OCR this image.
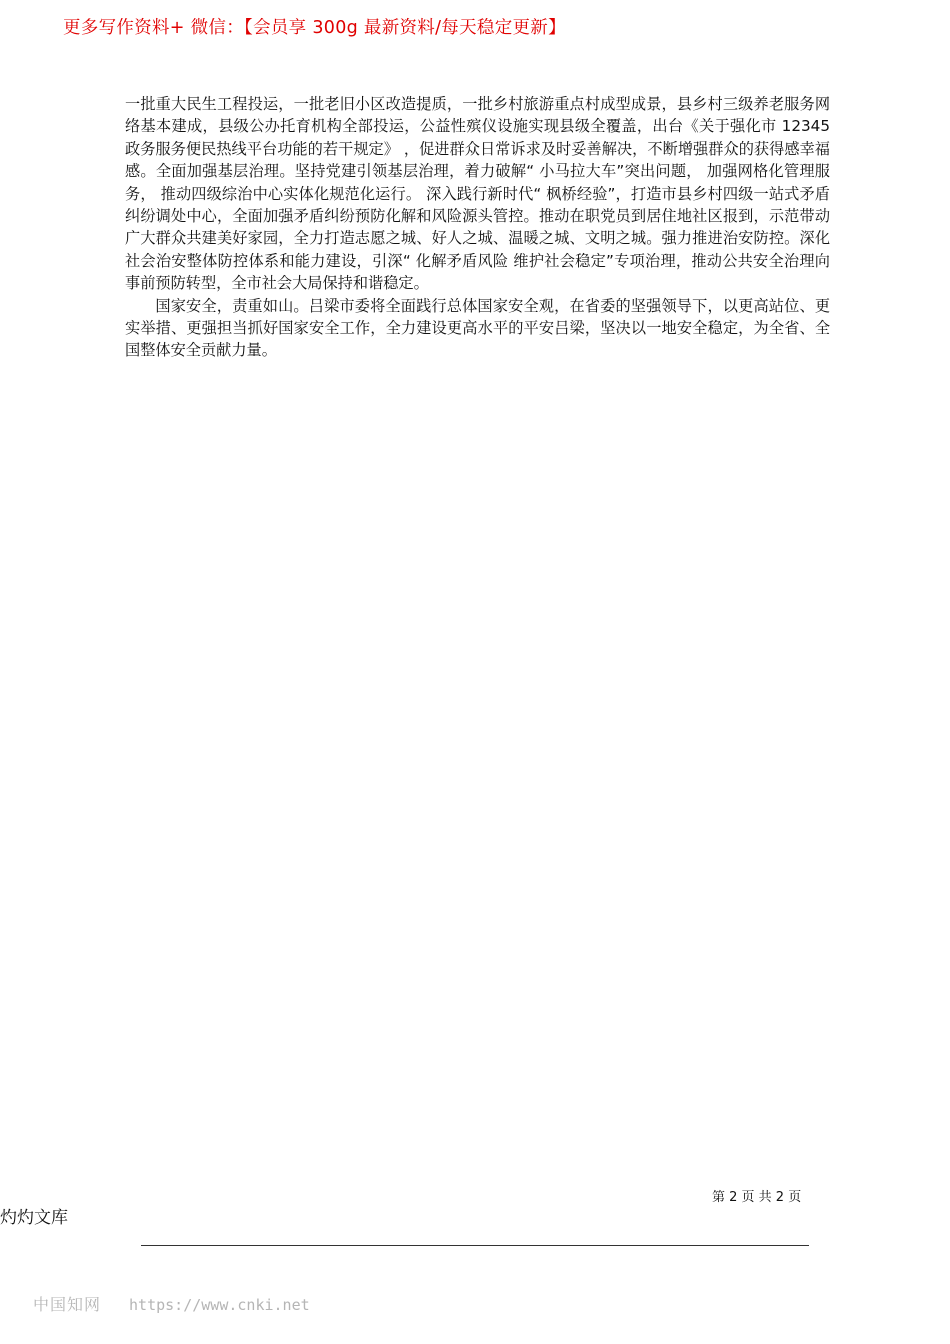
更多写作资料+ 微信：【会员享 300g 最新资料/每天稳定更新】

一批重大民生工程投运，一批老旧小区改造提质，一批乡村旅游重点村成型成景，县乡村三级养老服务网络基本建成，县级公办托育机构全部投运，公益性殡仪设施实现县级全覆盖，出台《关于强化市 12345 政务服务便民热线平台功能的若干规定》 ，促进群众日常诉求及时妥善解决，不断增强群众的获得感幸福感。全面加强基层治理。坚持党建引领基层治理，着力破解“ 小马拉大车”突出问题， 加强网格化管理服务， 推动四级综治中心实体化规范化运行。 深入践行新时代“ 枫桥经验”，打造市县乡村四级一站式矛盾纠纷调处中心，全面加强矛盾纠纷预防化解和风险源头管控。推动在职党员到居住地社区报到，示范带动广大群众共建美好家园，全力打造志愿之城、好人之城、温暖之城、文明之城。强力推进治安防控。深化社会治安整体防控体系和能力建设，引深“ 化解矛盾风险 维护社会稳定”专项治理，推动公共安全治理向事前预防转型，全市社会大局保持和谐稳定。

国家安全，责重如山。吕梁市委将全面践行总体国家安全观，在省委的坚强领导下，以更高站位、更实举措、更强担当抓好国家安全工作，全力建设更高水平的平安吕梁，坚决以一地安全稳定，为全省、全国整体安全贡献力量。

第 2 页 共 2 页
灼灼文库
中国知网 https://www.cnki.net
